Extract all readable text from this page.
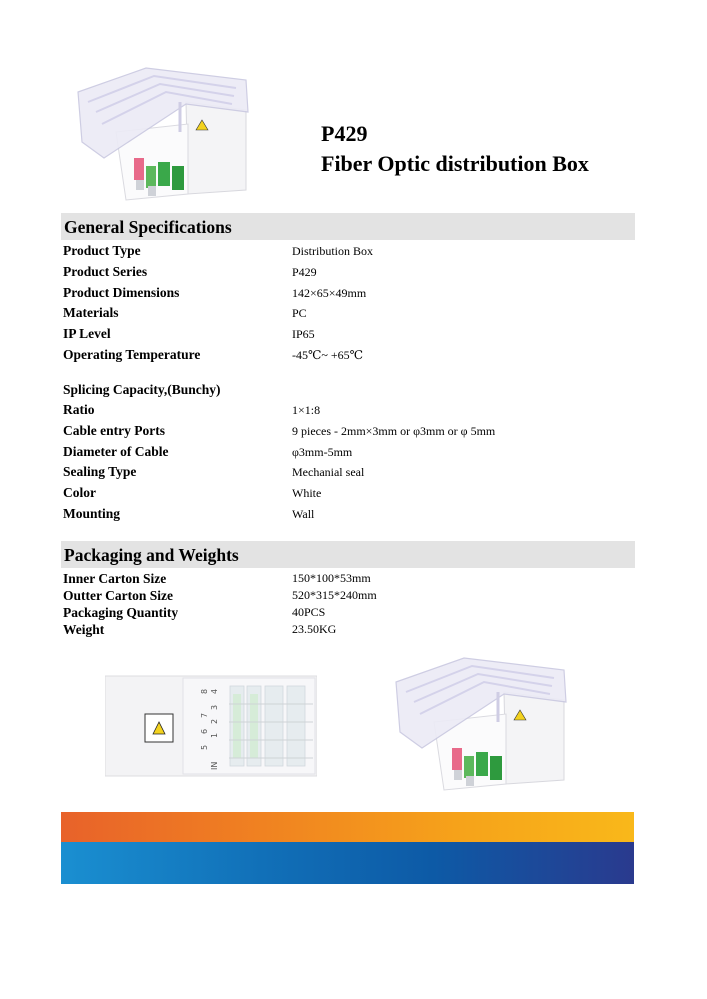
P429
Fiber Optic distribution Box
General Specifications
Product Type	Distribution Box
Product Series	P429
Product Dimensions	142×65×49mm
Materials	PC
IP Level	IP65
Operating Temperature	-45℃~ +65℃
Splicing Capacity,(Bunchy)
Ratio	1×1:8
Cable entry Ports	9 pieces - 2mm×3mm or φ3mm or φ 5mm
Diameter of Cable	φ3mm-5mm
Sealing Type	Mechanial seal
Color	White
Mounting	Wall
Packaging and Weights
Inner Carton Size	150*100*53mm
Outter Carton Size	520*315*240mm
Packaging Quantity	40PCS
Weight	23.50KG
IN
1
5
2
6
3
7
4
8
